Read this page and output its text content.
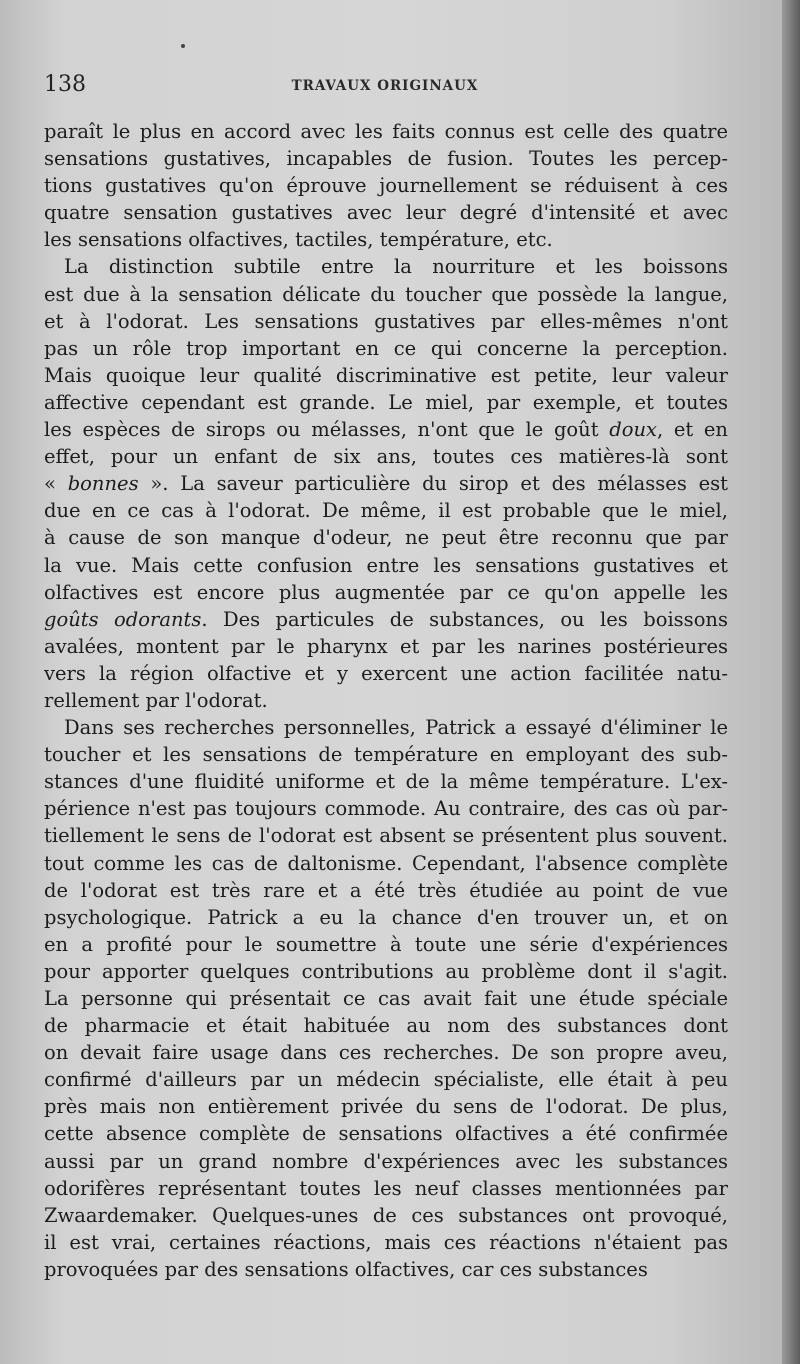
138	TRAVAUX ORIGINAUX
paraît le plus en accord avec les faits connus est celle des quatre
sensations gustatives, incapables de fusion. Toutes les percep-
tions gustatives qu'on éprouve journellement se réduisent à ces
quatre sensation gustatives avec leur degré d'intensité et avec
les sensations olfactives, tactiles, température, etc.
La distinction subtile entre la nourriture et les boissons
est due à la sensation délicate du toucher que possède la langue,
et à l'odorat. Les sensations gustatives par elles-mêmes n'ont
pas un rôle trop important en ce qui concerne la perception.
Mais quoique leur qualité discriminative est petite, leur valeur
affective cependant est grande. Le miel, par exemple, et toutes
les espèces de sirops ou mélasses, n'ont que le goût doux, et en
effet, pour un enfant de six ans, toutes ces matières-là sont
« bonnes ». La saveur particulière du sirop et des mélasses est
due en ce cas à l'odorat. De même, il est probable que le miel,
à cause de son manque d'odeur, ne peut être reconnu que par
la vue. Mais cette confusion entre les sensations gustatives et
olfactives est encore plus augmentée par ce qu'on appelle les
goûts odorants. Des particules de substances, ou les boissons
avalées, montent par le pharynx et par les narines postérieures
vers la région olfactive et y exercent une action facilitée natu-
rellement par l'odorat.
Dans ses recherches personnelles, Patrick a essayé d'éliminer le
toucher et les sensations de température en employant des sub-
stances d'une fluidité uniforme et de la même température. L'ex-
périence n'est pas toujours commode. Au contraire, des cas où par-
tiellement le sens de l'odorat est absent se présentent plus souvent.
tout comme les cas de daltonisme. Cependant, l'absence complète
de l'odorat est très rare et a été très étudiée au point de vue
psychologique. Patrick a eu la chance d'en trouver un, et on
en a profité pour le soumettre à toute une série d'expériences
pour apporter quelques contributions au problème dont il s'agit.
La personne qui présentait ce cas avait fait une étude spéciale
de pharmacie et était habituée au nom des substances dont
on devait faire usage dans ces recherches. De son propre aveu,
confirmé d'ailleurs par un médecin spécialiste, elle était à peu
près mais non entièrement privée du sens de l'odorat. De plus,
cette absence complète de sensations olfactives a été confirmée
aussi par un grand nombre d'expériences avec les substances
odorifères représentant toutes les neuf classes mentionnées par
Zwaardemaker. Quelques-unes de ces substances ont provoqué,
il est vrai, certaines réactions, mais ces réactions n'étaient pas
provoquées par des sensations olfactives, car ces substances
